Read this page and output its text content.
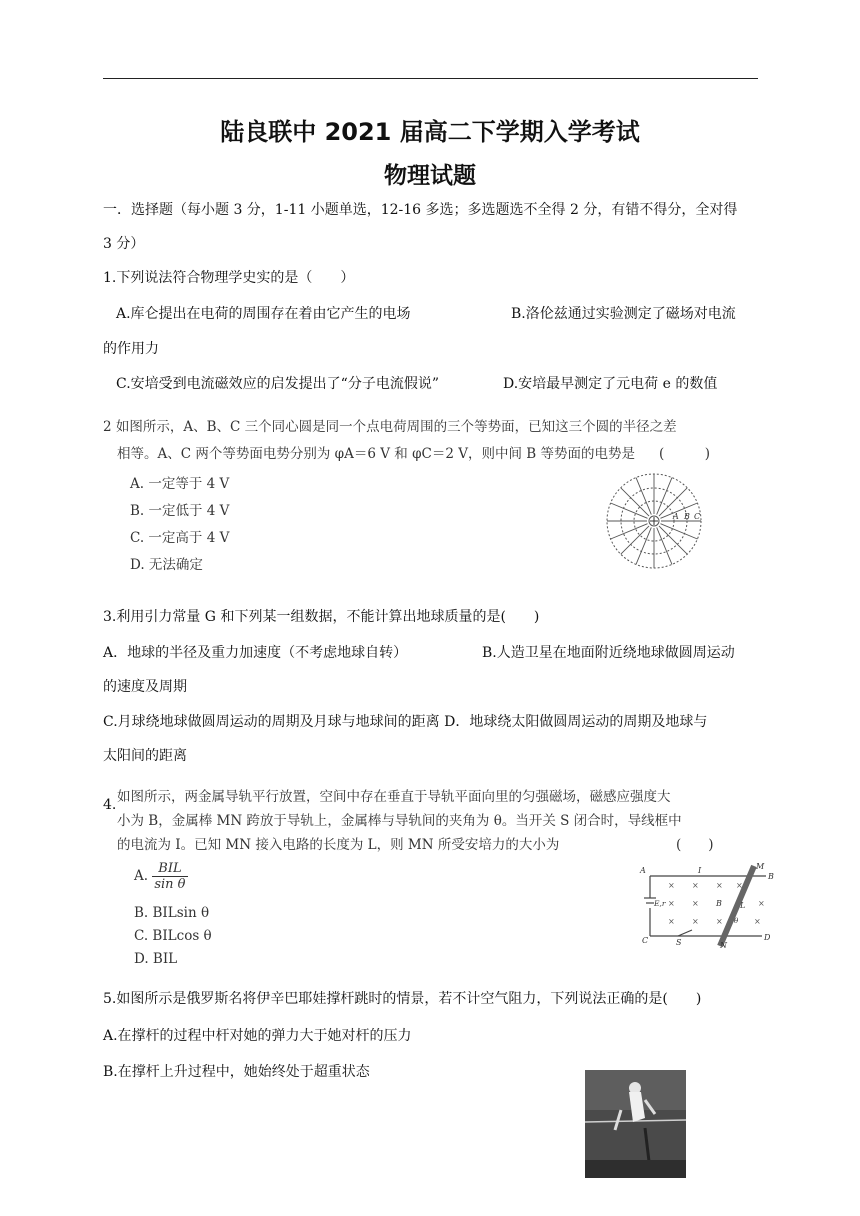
陆良联中 2021 届高二下学期入学考试
物理试题
一．选择题（每小题 3 分，1-11 小题单选，12-16 多选；多选题选不全得 2 分，有错不得分，全对得
3 分）
1.下列说法符合物理学史实的是（　　）
A.库仑提出在电荷的周围存在着由它产生的电场	B.洛伦兹通过实验测定了磁场对电流
的作用力
C.安培受到电流磁效应的启发提出了“分子电流假说”	D.安培最早测定了元电荷 e 的数值
2 如图所示，A、B、C 三个同心圆是同一个点电荷周围的三个等势面，已知这三个圆的半径之差
相等。A、C 两个等势面电势分别为 φA＝6 V 和 φC＝2 V，则中间 B 等势面的电势是 (　　　)
A. 一定等于 4 V
B. 一定低于 4 V
C. 一定高于 4 V
D. 无法确定
A B C
3.利用引力常量 G 和下列某一组数据，不能计算出地球质量的是(　　)
A．地球的半径及重力加速度（不考虑地球自转）	B.人造卫星在地面附近绕地球做圆周运动
的速度及周期
C.月球绕地球做圆周运动的周期及月球与地球间的距离 D．地球绕太阳做圆周运动的周期及地球与
太阳间的距离
4. 如图所示，两金属导轨平行放置，空间中存在垂直于导轨平面向里的匀强磁场，磁感应强度大
小为 B，金属棒 MN 跨放于导轨上，金属棒与导轨间的夹角为 θ。当开关 S 闭合时，导线框中
的电流为 I。已知 MN 接入电路的长度为 L，则 MN 所受安培力的大小为	(　　)
A. $\frac{\text{BIL}}{\text{sin θ}}$
B. BILsin θ
C. BILcos θ
D. BIL
× × × ×
× ×	×
× × ×	×
A	I	M
B
E,r	B L
θ
C	S	N
D
5.如图所示是俄罗斯名将伊辛巴耶娃撑杆跳时的情景，若不计空气阻力，下列说法正确的是(　　)
A.在撑杆的过程中杆对她的弹力大于她对杆的压力
B.在撑杆上升过程中，她始终处于超重状态
